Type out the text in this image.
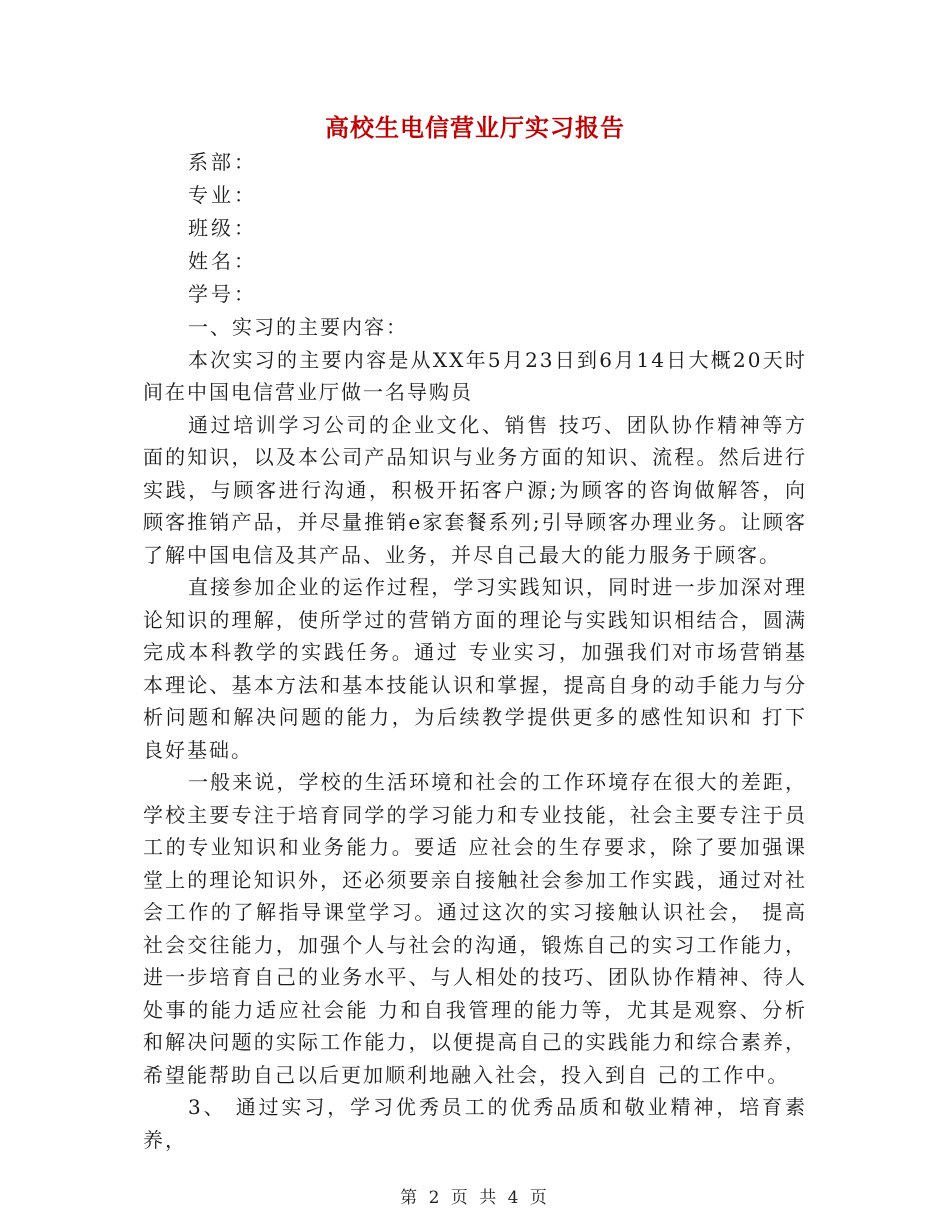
高校生电信营业厅实习报告
系部：
专业：
班级：
姓名：
学号：

一、实习的主要内容：

本次实习的主要内容是从XX年5月23日到6月14日大概20天时间在中国电信营业厅做一名导购员

通过培训学习公司的企业文化、销售 技巧、团队协作精神等方面的知识，以及本公司产品知识与业务方面的知识、流程。然后进行实践，与顾客进行沟通，积极开拓客户源;为顾客的咨询做解答，向顾客推销产品，并尽量推销e家套餐系列;引导顾客办理业务。让顾客了解中国电信及其产品、业务，并尽自己最大的能力服务于顾客。

直接参加企业的运作过程，学习实践知识，同时进一步加深对理论知识的理解，使所学过的营销方面的理论与实践知识相结合，圆满完成本科教学的实践任务。通过 专业实习，加强我们对市场营销基本理论、基本方法和基本技能认识和掌握，提高自身的动手能力与分析问题和解决问题的能力，为后续教学提供更多的感性知识和 打下良好基础。

一般来说，学校的生活环境和社会的工作环境存在很大的差距，学校主要专注于培育同学的学习能力和专业技能，社会主要专注于员工的专业知识和业务能力。要适 应社会的生存要求，除了要加强课堂上的理论知识外，还必须要亲自接触社会参加工作实践，通过对社会工作的了解指导课堂学习。通过这次的实习接触认识社会， 提高社会交往能力，加强个人与社会的沟通，锻炼自己的实习工作能力，进一步培育自己的业务水平、与人相处的技巧、团队协作精神、待人处事的能力适应社会能 力和自我管理的能力等，尤其是观察、分析和解决问题的实际工作能力，以便提高自己的实践能力和综合素养，希望能帮助自己以后更加顺利地融入社会，投入到自 己的工作中。

3、 通过实习，学习优秀员工的优秀品质和敬业精神，培育素养，

第 2 页 共 4 页
